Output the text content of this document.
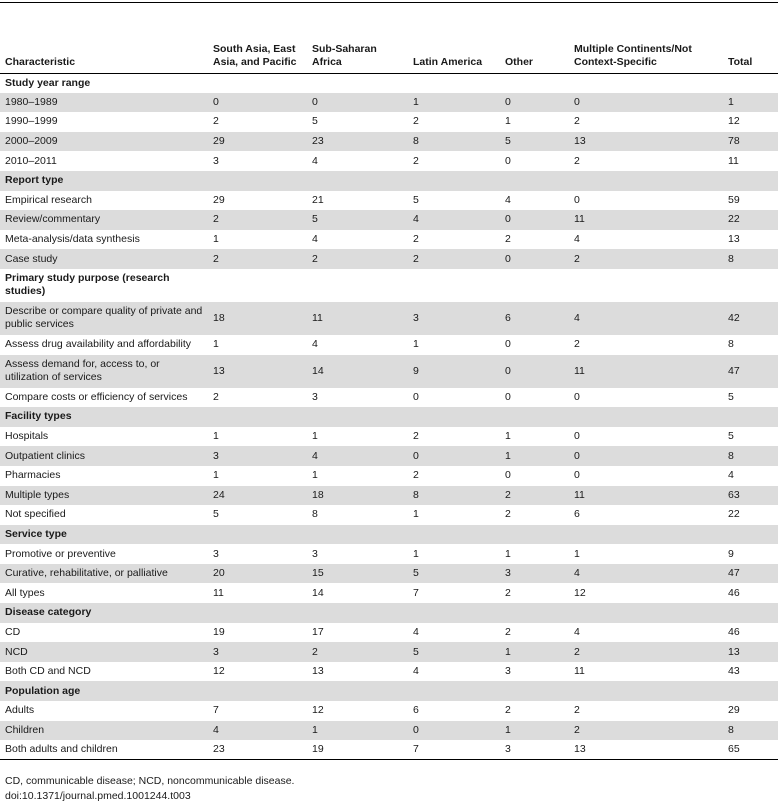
Characteristic	South Asia, East Asia, and Pacific	Sub-Saharan Africa	Latin America	Other	Multiple Continents/Not Context-Specific	Total
Study year range						
1980–1989	0	0	1	0	0	1
1990–1999	2	5	2	1	2	12
2000–2009	29	23	8	5	13	78
2010–2011	3	4	2	0	2	11
Report type						
Empirical research	29	21	5	4	0	59
Review/commentary	2	5	4	0	11	22
Meta-analysis/data synthesis	1	4	2	2	4	13
Case study	2	2	2	0	2	8
Primary study purpose (research studies)						
Describe or compare quality of private and public services	18	11	3	6	4	42
Assess drug availability and affordability	1	4	1	0	2	8
Assess demand for, access to, or utilization of services	13	14	9	0	11	47
Compare costs or efficiency of services	2	3	0	0	0	5
Facility types						
Hospitals	1	1	2	1	0	5
Outpatient clinics	3	4	0	1	0	8
Pharmacies	1	1	2	0	0	4
Multiple types	24	18	8	2	11	63
Not specified	5	8	1	2	6	22
Service type						
Promotive or preventive	3	3	1	1	1	9
Curative, rehabilitative, or palliative	20	15	5	3	4	47
All types	11	14	7	2	12	46
Disease category						
CD	19	17	4	2	4	46
NCD	3	2	5	1	2	13
Both CD and NCD	12	13	4	3	11	43
Population age						
Adults	7	12	6	2	2	29
Children	4	1	0	1	2	8
Both adults and children	23	19	7	3	13	65
CD, communicable disease; NCD, noncommunicable disease.
doi:10.1371/journal.pmed.1001244.t003
